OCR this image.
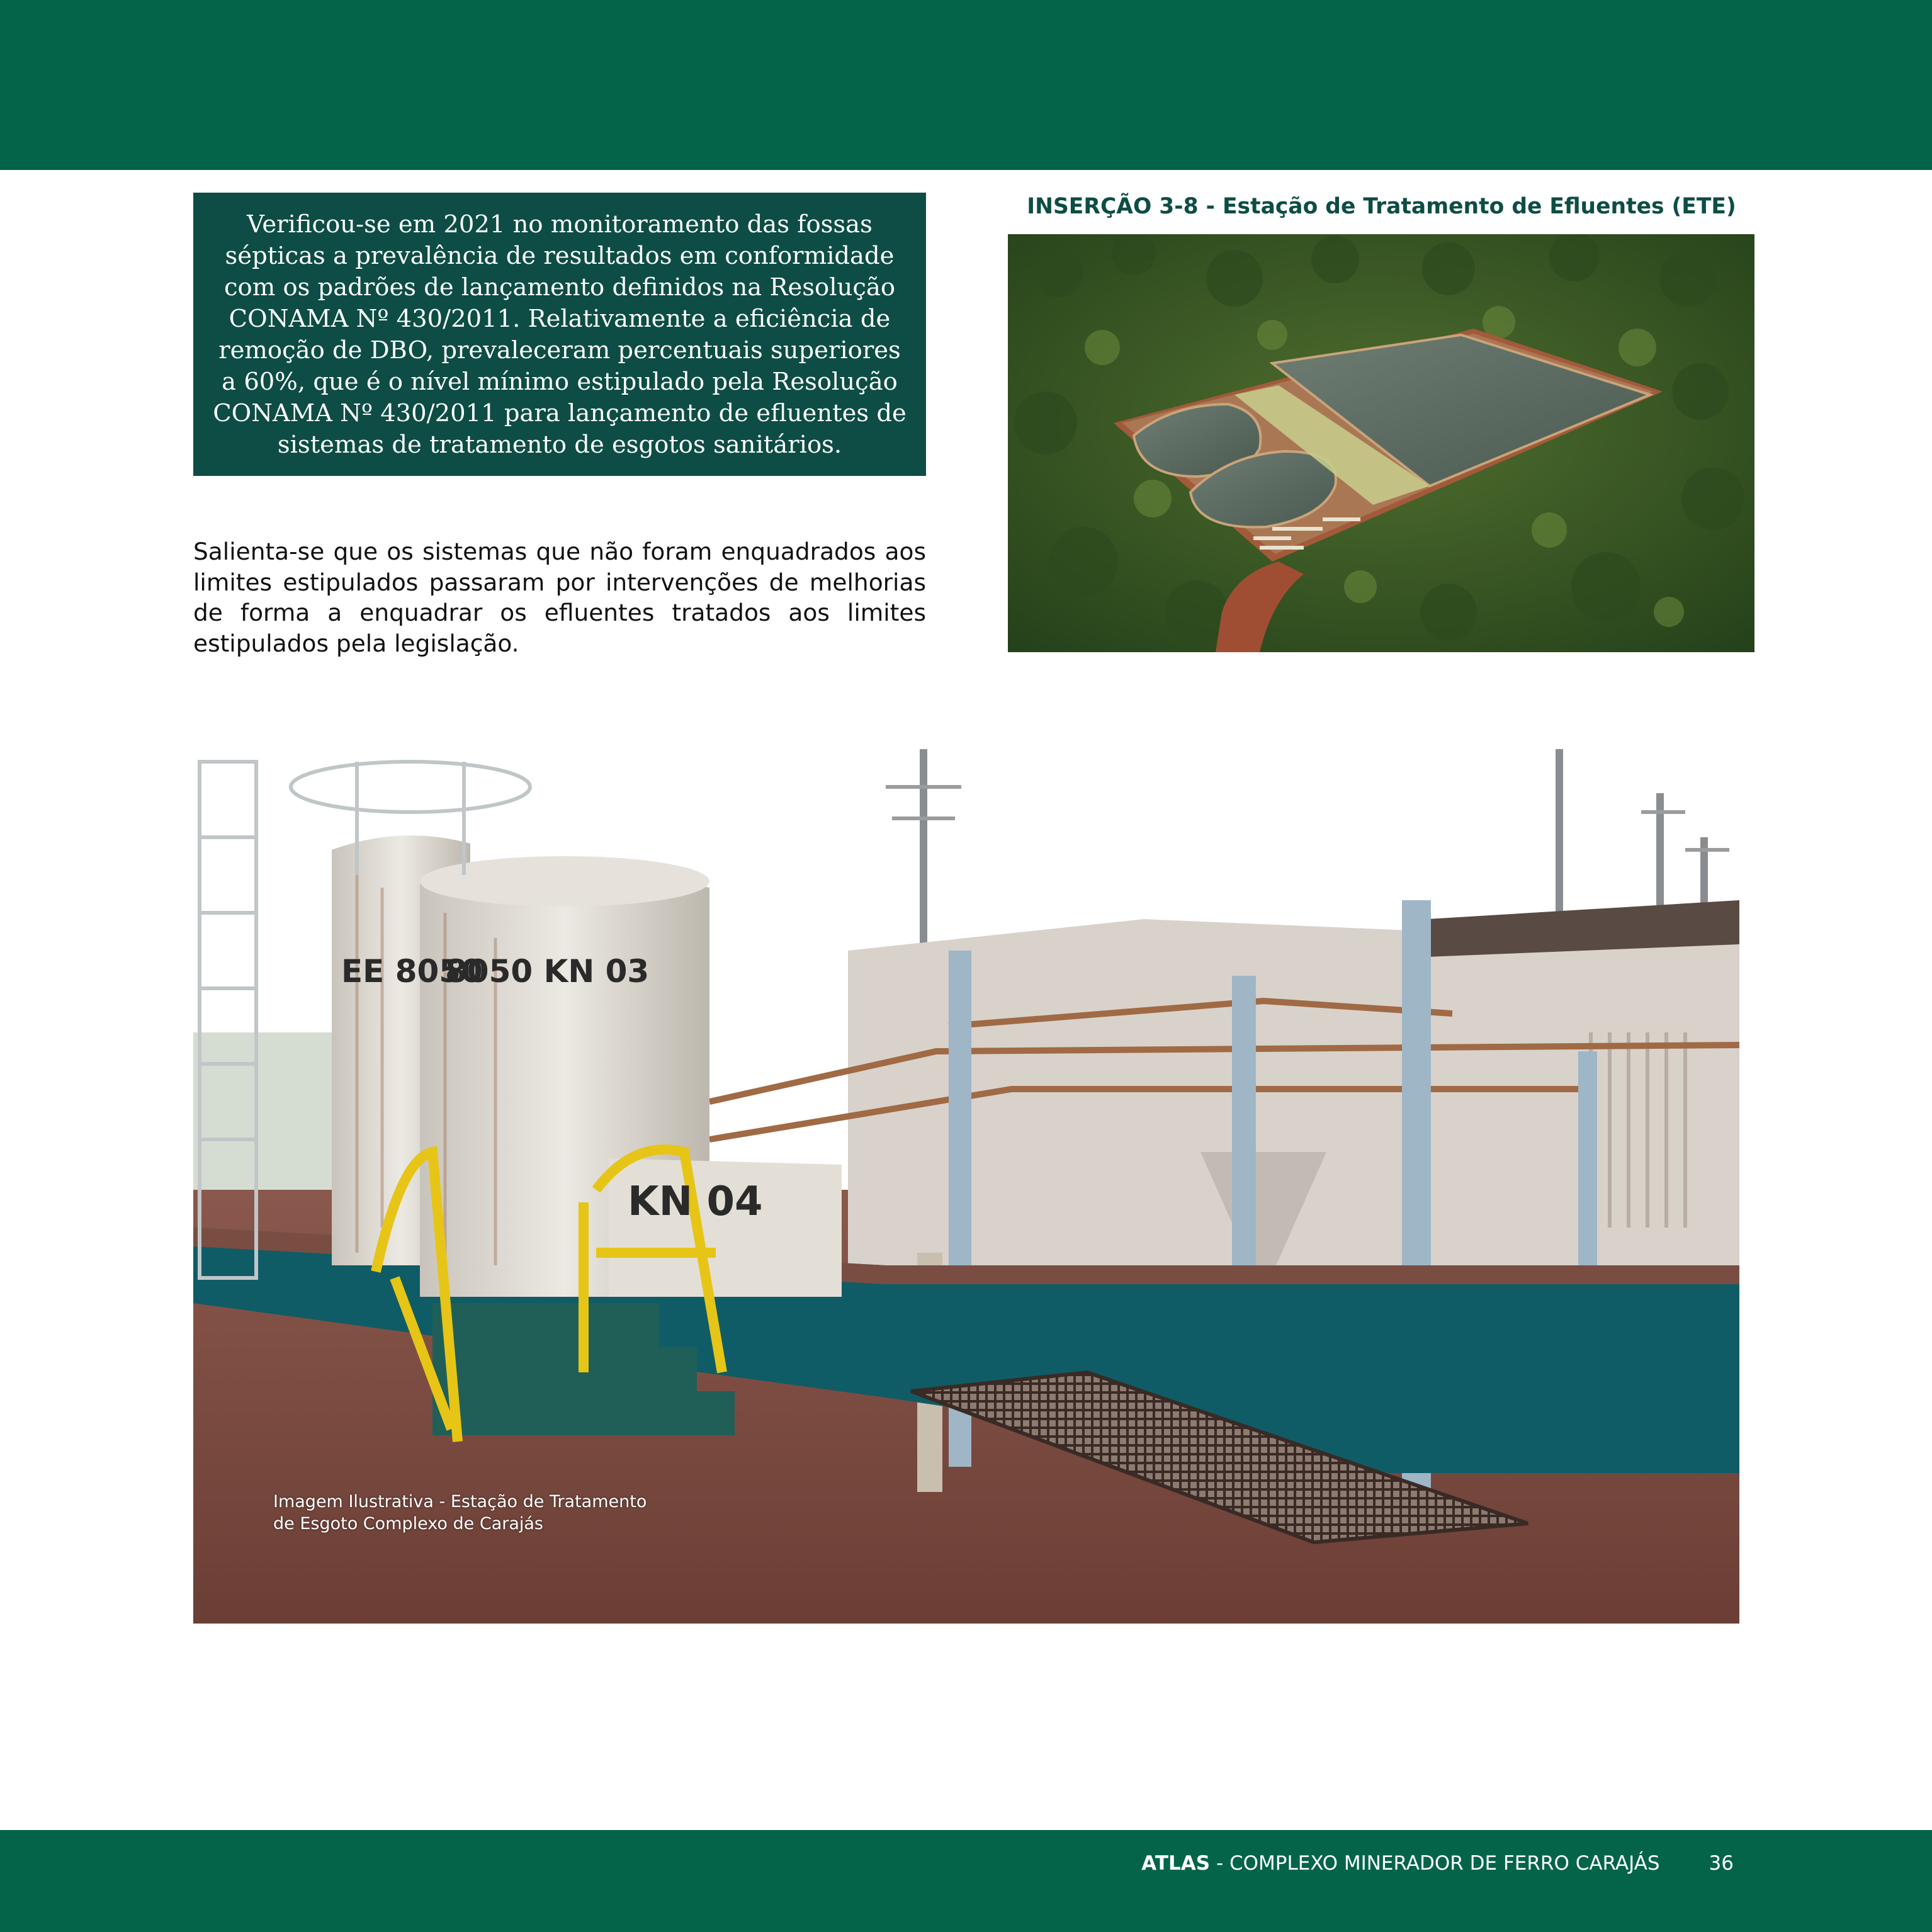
Verificou-se em 2021 no monitoramento das fossas sépticas a prevalência de resultados em conformidade com os padrões de lançamento definidos na Resolução CONAMA Nº 430/2011. Relativamente a eficiência de remoção de DBO, prevaleceram percentuais superiores a 60%, que é o nível mínimo estipulado pela Resolução CONAMA Nº 430/2011 para lançamento de efluentes de sistemas de tratamento de esgotos sanitários.
Salienta-se que os sistemas que não foram enquadrados aos limites estipulados passaram por intervenções de melhorias de forma a enquadrar os efluentes tratados aos limites estipulados pela legislação.
INSERÇÃO 3-8 - Estação de Tratamento de Efluentes (ETE)
EE 8050
8050 KN 03
KN 04
Imagem Ilustrativa - Estação de Tratamento
de Esgoto Complexo de Carajás
ATLAS - COMPLEXO MINERADOR DE FERRO CARAJÁS	36
